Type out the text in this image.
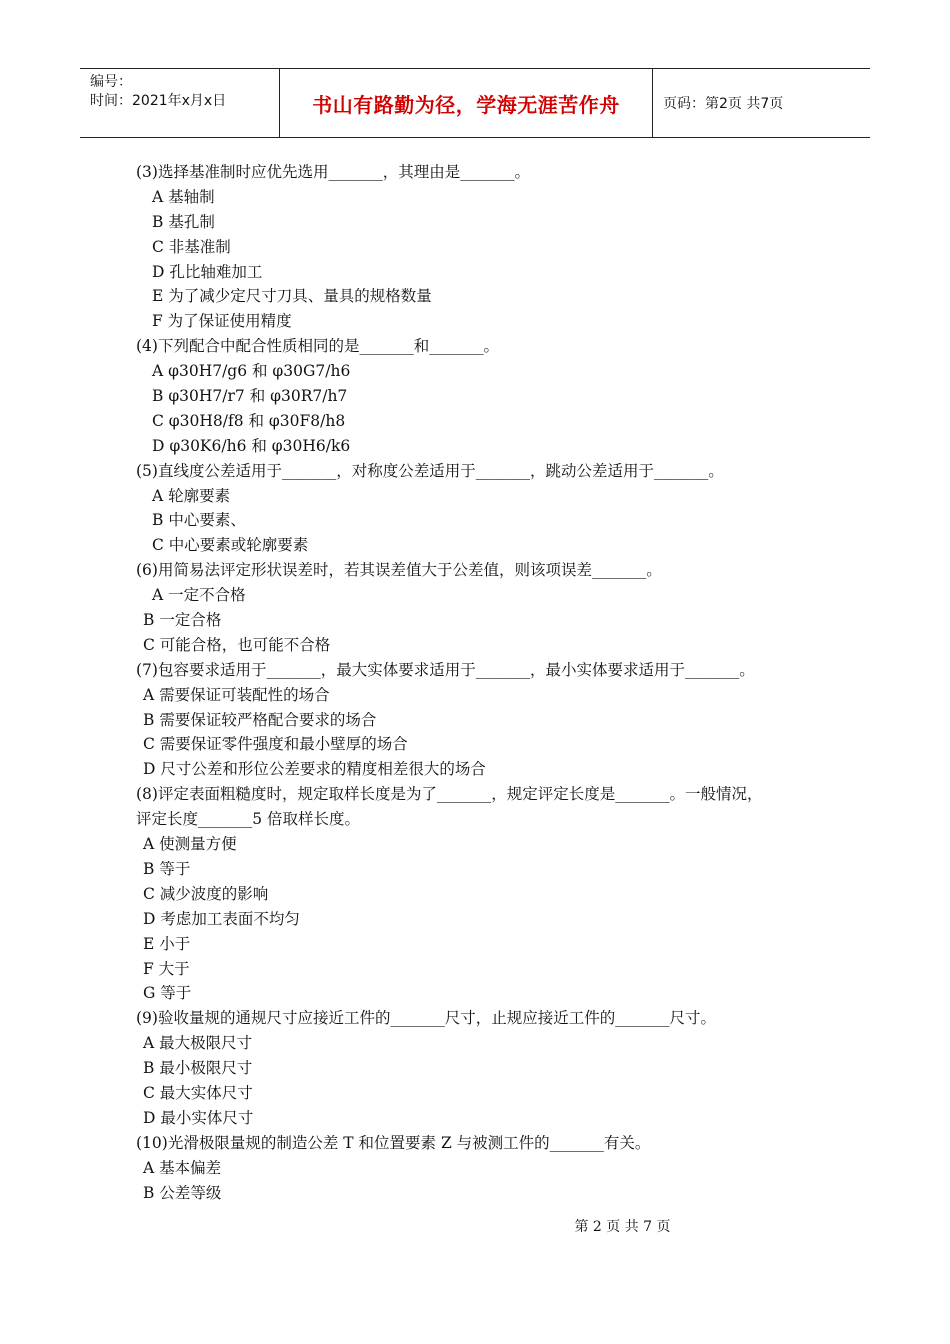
编号：
时间：2021年x月x日	书山有路勤为径，学海无涯苦作舟	页码：第2页 共7页
(3)选择基准制时应优先选用_______，其理由是_______。
A 基轴制
B 基孔制
C 非基准制
D 孔比轴难加工
E 为了减少定尺寸刀具、量具的规格数量
F 为了保证使用精度
(4)下列配合中配合性质相同的是_______和_______。
A φ30H7/g6 和 φ30G7/h6
B φ30H7/r7 和 φ30R7/h7
C φ30H8/f8 和 φ30F8/h8
D φ30K6/h6 和 φ30H6/k6
(5)直线度公差适用于_______，对称度公差适用于_______，跳动公差适用于_______。
A 轮廓要素
B 中心要素、
C 中心要素或轮廓要素
(6)用简易法评定形状误差时，若其误差值大于公差值，则该项误差_______。
A 一定不合格
B 一定合格
C 可能合格，也可能不合格
(7)包容要求适用于_______，最大实体要求适用于_______，最小实体要求适用于_______。
A 需要保证可装配性的场合
B 需要保证较严格配合要求的场合
C 需要保证零件强度和最小壁厚的场合
D 尺寸公差和形位公差要求的精度相差很大的场合
(8)评定表面粗糙度时，规定取样长度是为了_______，规定评定长度是_______。一般情况，
评定长度_______5 倍取样长度。
A 使测量方便
B 等于
C 减少波度的影响
D 考虑加工表面不均匀
E 小于
F 大于
G 等于
(9)验收量规的通规尺寸应接近工件的_______尺寸，止规应接近工件的_______尺寸。
A 最大极限尺寸
B 最小极限尺寸
C 最大实体尺寸
D 最小实体尺寸
(10)光滑极限量规的制造公差 T 和位置要素 Z 与被测工件的_______有关。
A 基本偏差
B 公差等级
第 2 页 共 7 页
